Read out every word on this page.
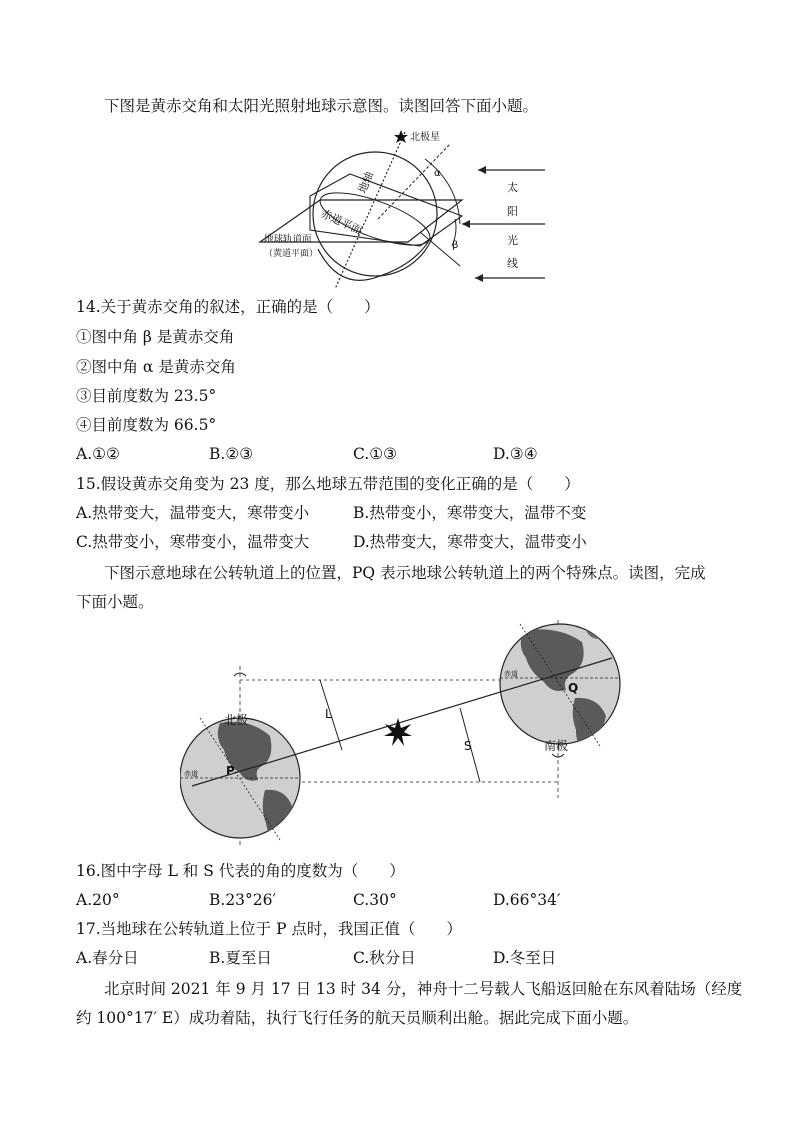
下图是黄赤交角和太阳光照射地球示意图。读图回答下面小题。
北极星
α
β
地轴
赤道平面
地球轨道面
（黄道平面）
太
阳
光
线
14.关于黄赤交角的叙述，正确的是（　　）
①图中角 β 是黄赤交角
②图中角 α 是黄赤交角
③目前度数为 23.5°
④目前度数为 66.5°
A.①②	B.②③	C.①③	D.③④
15.假设黄赤交角变为 23 度，那么地球五带范围的变化正确的是（　　）
A.热带变大，温带变大，寒带变小	B.热带变小，寒带变大，温带不变
C.热带变小，寒带变小，温带变大	D.热带变大，寒带变大，温带变小
下图示意地球在公转轨道上的位置，PQ 表示地球公转轨道上的两个特殊点。读图，完成
下面小题。
赤道 P
赤道
Q
L
S
北极
南极
16.图中字母 L 和 S 代表的角的度数为（　　）
A.20°	B.23°26′	C.30°	D.66°34′
17.当地球在公转轨道上位于 P 点时，我国正值（　　）
A.春分日	B.夏至日	C.秋分日	D.冬至日
北京时间 2021 年 9 月 17 日 13 时 34 分，神舟十二号载人飞船返回舱在东风着陆场（经度
约 100°17′ E）成功着陆，执行飞行任务的航天员顺利出舱。据此完成下面小题。
